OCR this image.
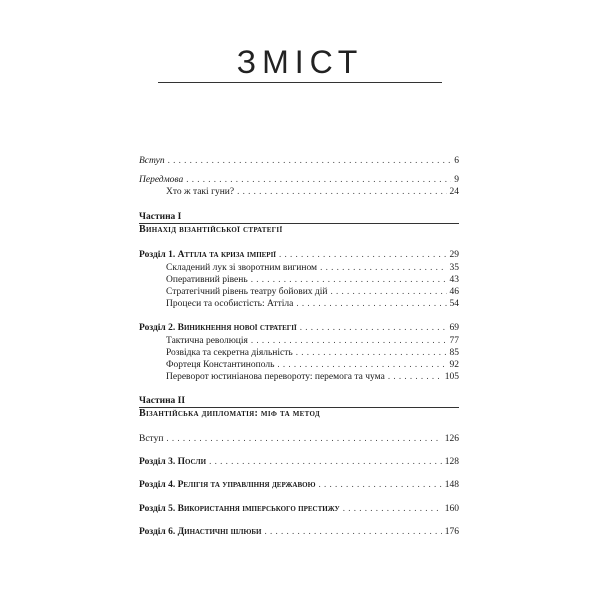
ЗМІСТ
Вступ . . .	6
Передмова . . .	9
Хто ж такі гуни? . . .	24
Частина І
Винахід візантійської стратегії
Розділ 1. Аттіла та криза імперії . . .	29
Складений лук зі зворотним вигином . . .	35
Оперативний рівень . . .	43
Стратегічний рівень театру бойових дій . . .	46
Процеси та особистість: Аттіла . . .	54
Розділ 2. Виникнення нової стратегії . . .	69
Тактична революція . . .	77
Розвідка та секретна діяльність . . .	85
Фортеця Константинополь . . .	92
Переворот юстиніанова перевороту: перемога та чума . . .	105
Частина ІІ
Візантійська дипломатія: міф та метод
Вступ . . .	126
Розділ 3. Посли . . .	128
Розділ 4. Релігія та управління державою . . .	148
Розділ 5. Використання імперського престижу . . .	160
Розділ 6. Династичні шлюби . . .	176
